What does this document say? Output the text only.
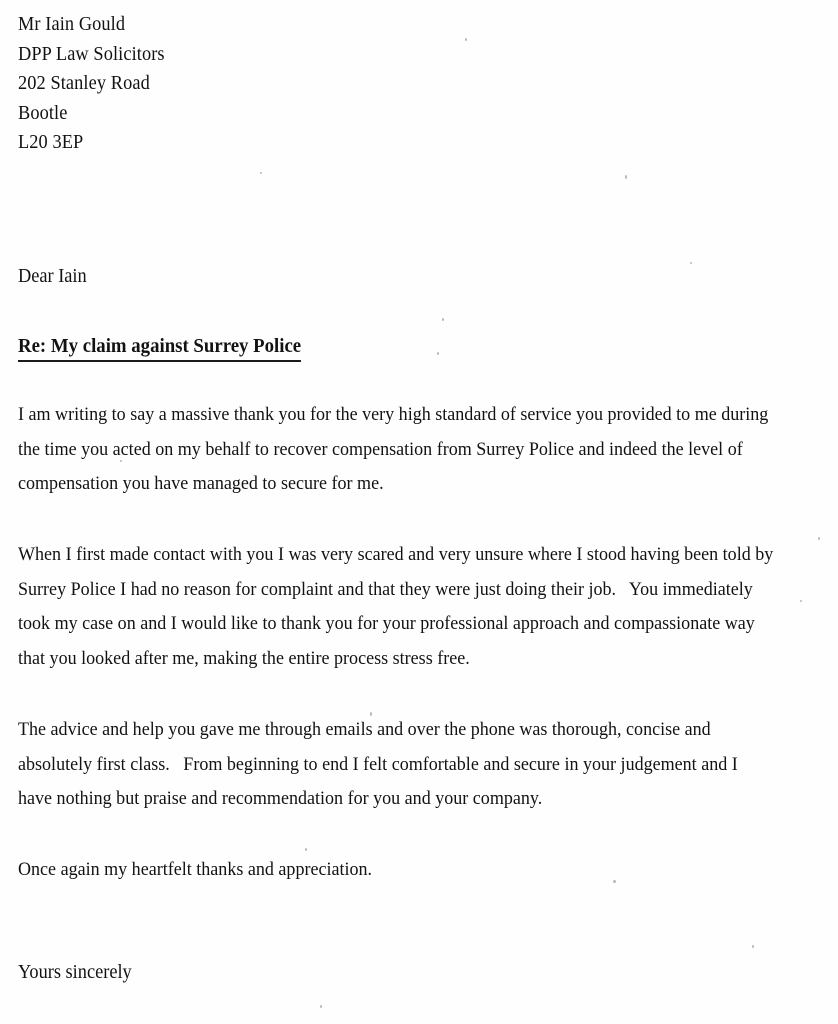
Mr Iain Gould
DPP Law Solicitors
202 Stanley Road
Bootle
L20 3EP
Dear Iain
Re: My claim against Surrey Police

I am writing to say a massive thank you for the very high standard of service you provided to me during the time you acted on my behalf to recover compensation from Surrey Police and indeed the level of compensation you have managed to secure for me.

When I first made contact with you I was very scared and very unsure where I stood having been told by Surrey Police I had no reason for complaint and that they were just doing their job.   You immediately took my case on and I would like to thank you for your professional approach and compassionate way that you looked after me, making the entire process stress free.

The advice and help you gave me through emails and over the phone was thorough, concise and absolutely first class.   From beginning to end I felt comfortable and secure in your judgement and I have nothing but praise and recommendation for you and your company.

Once again my heartfelt thanks and appreciation.

Yours sincerely
